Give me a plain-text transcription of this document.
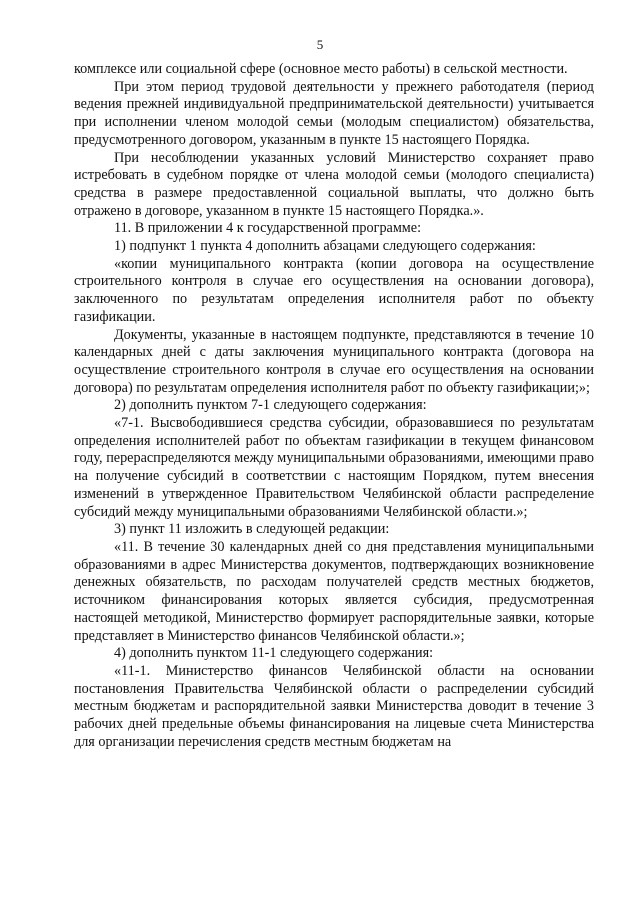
5

комплексе или социальной сфере (основное место работы) в сельской местности.

При этом период трудовой деятельности у прежнего работодателя (период ведения прежней индивидуальной предпринимательской деятельности) учитывается при исполнении членом молодой семьи (молодым специалистом) обязательства, предусмотренного договором, указанным в пункте 15 настоящего Порядка.

При несоблюдении указанных условий Министерство сохраняет право истребовать в судебном порядке от члена молодой семьи (молодого специалиста) средства в размере предоставленной социальной выплаты, что должно быть отражено в договоре, указанном в пункте 15 настоящего Порядка.».

11. В приложении 4 к государственной программе:

1) подпункт 1 пункта 4 дополнить абзацами следующего содержания:

«копии муниципального контракта (копии договора на осуществление строительного контроля в случае его осуществления на основании договора), заключенного по результатам определения исполнителя работ по объекту газификации.

Документы, указанные в настоящем подпункте, представляются в течение 10 календарных дней с даты заключения муниципального контракта (договора на осуществление строительного контроля в случае его осуществления на основании договора) по результатам определения исполнителя работ по объекту газификации;»;

2) дополнить пунктом 7-1 следующего содержания:

«7-1. Высвободившиеся средства субсидии, образовавшиеся по результатам определения исполнителей работ по объектам газификации в текущем финансовом году, перераспределяются между муниципальными образованиями, имеющими право на получение субсидий в соответствии с настоящим Порядком, путем внесения изменений в утвержденное Правительством Челябинской области распределение субсидий между муниципальными образованиями Челябинской области.»;

3) пункт 11 изложить в следующей редакции:

«11. В течение 30 календарных дней со дня представления муниципальными образованиями в адрес Министерства документов, подтверждающих возникновение денежных обязательств, по расходам получателей средств местных бюджетов, источником финансирования которых является субсидия, предусмотренная настоящей методикой, Министерство формирует распорядительные заявки, которые представляет в Министерство финансов Челябинской области.»;

4) дополнить пунктом 11-1 следующего содержания:

«11-1. Министерство финансов Челябинской области на основании постановления Правительства Челябинской области о распределении субсидий местным бюджетам и распорядительной заявки Министерства доводит в течение 3 рабочих дней предельные объемы финансирования на лицевые счета Министерства для организации перечисления средств местным бюджетам на
